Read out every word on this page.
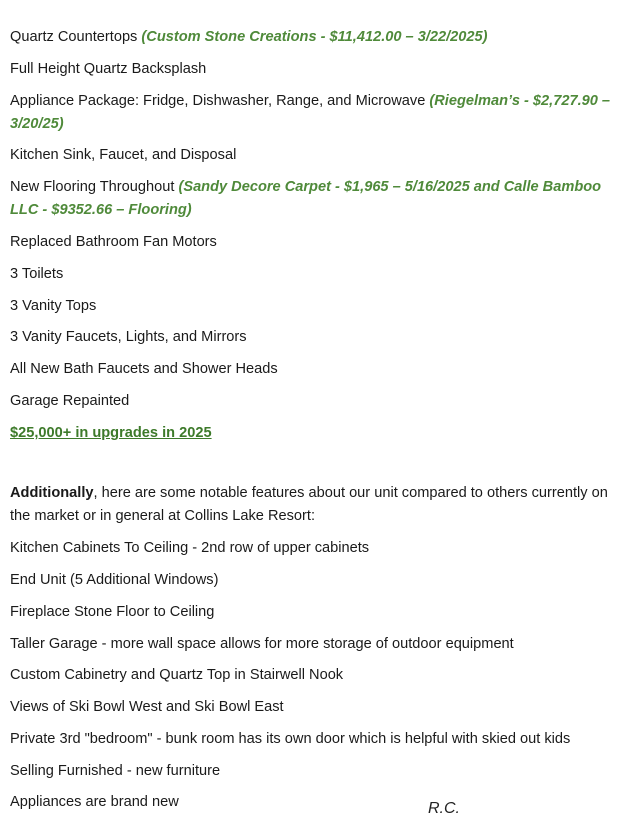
Quartz Countertops (Custom Stone Creations - $11,412.00 – 3/22/2025)
Full Height Quartz Backsplash
Appliance Package: Fridge, Dishwasher, Range, and Microwave (Riegelman’s - $2,727.90 – 3/20/25)
Kitchen Sink, Faucet, and Disposal
New Flooring Throughout (Sandy Decore Carpet - $1,965 – 5/16/2025 and Calle Bamboo LLC - $9352.66 – Flooring)
Replaced Bathroom Fan Motors
3 Toilets
3 Vanity Tops
3 Vanity Faucets, Lights, and Mirrors
All New Bath Faucets and Shower Heads
Garage Repainted
$25,000+ in upgrades in 2025
Additionally, here are some notable features about our unit compared to others currently on the market or in general at Collins Lake Resort:
Kitchen Cabinets To Ceiling - 2nd row of upper cabinets
End Unit (5 Additional Windows)
Fireplace Stone Floor to Ceiling
Taller Garage - more wall space allows for more storage of outdoor equipment
Custom Cabinetry and Quartz Top in Stairwell Nook
Views of Ski Bowl West and Ski Bowl East
Private 3rd "bedroom" - bunk room has its own door which is helpful with skied out kids
Selling Furnished - new furniture
Appliances are brand new	R.C.
